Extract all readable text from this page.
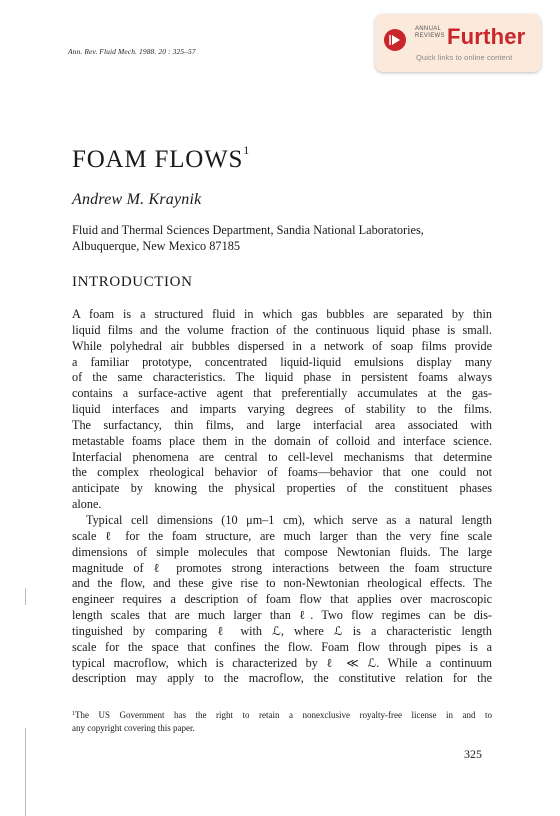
Ann. Rev. Fluid Mech. 1988. 20 : 325–57
ANNUAL
REVIEWS Further
Quick links to online content
FOAM FLOWS$^1$
Andrew M. Kraynik
Fluid and Thermal Sciences Department, Sandia National Laboratories,
Albuquerque, New Mexico 87185
INTRODUCTION
A foam is a structured fluid in which gas bubbles are separated by thin
liquid films and the volume fraction of the continuous liquid phase is small.
While polyhedral air bubbles dispersed in a network of soap films provide
a familiar prototype, concentrated liquid-liquid emulsions display many
of the same characteristics. The liquid phase in persistent foams always
contains a surface-active agent that preferentially accumulates at the gas-
liquid interfaces and imparts varying degrees of stability to the films.
The surfactancy, thin films, and large interfacial area associated with
metastable foams place them in the domain of colloid and interface science.
Interfacial phenomena are central to cell-level mechanisms that determine
the complex rheological behavior of foams—behavior that one could not
anticipate by knowing the physical properties of the constituent phases
alone.
Typical cell dimensions (10 μm–1 cm), which serve as a natural length
scale ℓ for the foam structure, are much larger than the very fine scale
dimensions of simple molecules that compose Newtonian fluids. The large
magnitude of ℓ promotes strong interactions between the foam structure
and the flow, and these give rise to non-Newtonian rheological effects. The
engineer requires a description of foam flow that applies over macroscopic
length scales that are much larger than ℓ. Two flow regimes can be dis-
tinguished by comparing ℓ with ℒ, where ℒ is a characteristic length
scale for the space that confines the flow. Foam flow through pipes is a
typical macroflow, which is characterized by ℓ ≪ ℒ. While a continuum
description may apply to the macroflow, the constitutive relation for the
$^1$The US Government has the right to retain a nonexclusive royalty-free license in and to
any copyright covering this paper.
325
